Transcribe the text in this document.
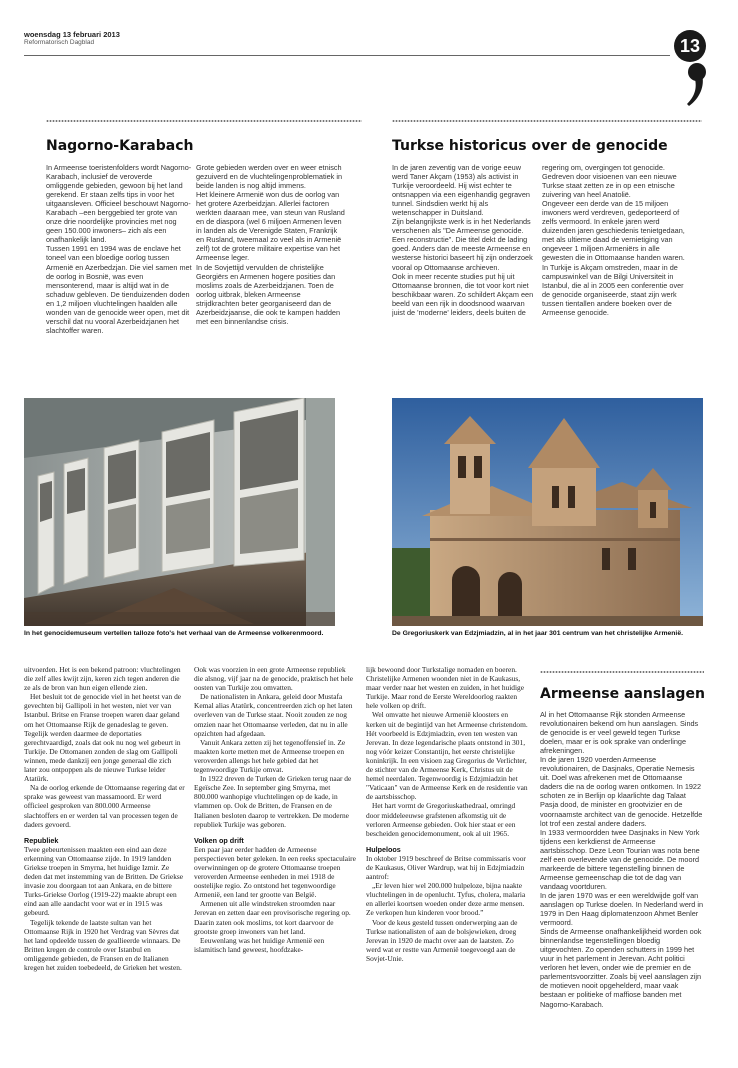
woensdag 13 februari 2013
Reformatorisch Dagblad	13
Nagorno-Karabach

In Armeense toeristenfolders wordt Nagorno-Karabach, inclusief de veroverde omliggende gebieden, gewoon bij het land gerekend. Er staan zelfs tips in voor het uitgaansleven. Officieel beschouwt Nagorno-Karabach –een berggebied ter grote van onze drie noordelijke provincies met nog geen 150.000 inwoners– zich als een onafhankelijk land.

Tussen 1991 en 1994 was de enclave het toneel van een bloedige oorlog tussen Armenië en Azerbedzjan. Die viel samen met de oorlog in Bosnië, was even mensonterend, maar is altijd wat in de schaduw gebleven. De tienduizenden doden en 1,2 miljoen vluchtelingen haalden alle wonden van de genocide weer open, met dit verschil dat nu vooral Azerbeidzjanen het slachtoffer waren.

Grote gebieden werden over en weer etnisch gezuiverd en de vluchtelingenproblematiek in beide landen is nog altijd immens.

Het kleinere Armenië won dus de oorlog van het grotere Azerbeidzjan. Allerlei factoren werkten daaraan mee, van steun van Rusland en de diaspora (wel 6 miljoen Armenen leven in landen als de Verenigde Staten, Frankrijk en Rusland, tweemaal zo veel als in Armenië zelf) tot de grotere militaire expertise van het Armeense leger.

In de Sovjettijd vervulden de christelijke Georgiërs en Armenen hogere posities dan moslims zoals de Azerbeidzjanen. Toen de oorlog uitbrak, bleken Armeense strijdkrachten beter georganiseerd dan de Azerbeidzjaanse, die ook te kampen hadden met een binnenlandse crisis.

Turkse historicus over de genocide

In de jaren zeventig van de vorige eeuw werd Taner Akçam (1953) als activist in Turkije veroordeeld. Hij wist echter te ontsnappen via een eigenhandig gegraven tunnel. Sindsdien werkt hij als wetenschapper in Duitsland.

Zijn belangrijkste werk is in het Nederlands verschenen als "De Armeense genocide. Een reconstructie". Die titel dekt de lading goed. Anders dan de meeste Armeense en westerse historici baseert hij zijn onderzoek vooral op Ottomaanse archieven.

Ook in meer recente studies put hij uit Ottomaanse bronnen, die tot voor kort niet beschikbaar waren. Zo schildert Akçam een beeld van een rijk in doodsnood waarvan juist de 'moderne' leiders, deels buiten de

regering om, overgingen tot genocide. Gedreven door visioenen van een nieuwe Turkse staat zetten ze in op een etnische zuivering van heel Anatolië.

Ongeveer een derde van de 15 miljoen inwoners werd verdreven, gedeporteerd of zelfs vermoord. In enkele jaren werd duizenden jaren geschiedenis tenietgedaan, met als ultieme daad de vernietiging van ongeveer 1 miljoen Armeniërs in alle gewesten die in Ottomaanse handen waren.

In Turkije is Akçam omstreden, maar in de campuswinkel van de Bilgi Universiteit in Istanbul, die al in 2005 een conferentie over de genocide organiseerde, staat zijn werk tussen tientallen andere boeken over de Armeense genocide.

In het genocidemuseum vertellen talloze foto's het verhaal van de Armeense volkerenmoord.	De Gregoriuskerk van Edzjmiadzin, al in het jaar 301 centrum van het christelijke Armenië.

uitvoerden. Het is een bekend patroon: vluchtelingen die zelf alles kwijt zijn, keren zich tegen anderen die ze als de bron van hun eigen ellende zien.

Het besluit tot de genocide viel in het heetst van de gevechten bij Gallipoli in het westen, niet ver van Istanbul. Britse en Franse troepen waren daar geland om het Ottomaanse Rijk de genadeslag te geven. Tegelijk werden daarmee de deportaties gerechtvaardigd, zoals dat ook nu nog wel gebeurt in Turkije. De Ottomanen zonden de slag om Gallipoli winnen, mede dankzij een jonge generaal die zich later zou ontpoppen als de nieuwe Turkse leider Atatürk.

Na de oorlog erkende de Ottomaanse regering dat er sprake was geweest van massamoord. Er werd officieel gesproken van 800.000 Armeense slachtoffers en er werden tal van processen tegen de daders gevoerd.

Republiek

Twee gebeurtenissen maakten een eind aan deze erkenning van Ottomaanse zijde. In 1919 landden Griekse troepen in Smyrna, het huidige Izmir. Ze deden dat met instemming van de Britten. De Griekse invasie zou doorgaan tot aan Ankara, en de bittere Turks-Griekse Oorlog (1919-22) maakte abrupt een eind aan alle aandacht voor wat er in 1915 was gebeurd.

Tegelijk tekende de laatste sultan van het Ottomaanse Rijk in 1920 het Verdrag van Sèvres dat het land opdeelde tussen de geallieerde winnaars. De Britten kregen de controle over Istanbul en omliggende gebieden, de Fransen en de Italianen kregen het zuiden toebedeeld, de Grieken het westen.

Ook was voorzien in een grote Armeense republiek die alsnog, vijf jaar na de genocide, praktisch het hele oosten van Turkije zou omvatten.

De nationalisten in Ankara, geleid door Mustafa Kemal alias Atatürk, concentreerden zich op het laten overleven van de Turkse staat. Nooit zouden ze nog omzien naar het Ottomaanse verleden, dat nu in alle opzichten had afgedaan.

Vanuit Ankara zetten zij het tegenoffensief in. Ze maakten korte metten met de Armeense troepen en veroverden allengs het hele gebied dat het tegenwoordige Turkije omvat.

In 1922 dreven de Turken de Grieken terug naar de Egeïsche Zee. In september ging Smyrna, met 800.000 wanhopige vluchtelingen op de kade, in vlammen op. Ook de Britten, de Fransen en de Italianen besloten daarop te vertrekken. De moderne republiek Turkije was geboren.

Volken op drift

Een paar jaar eerder hadden de Armeense perspectieven beter geleken. In een reeks spectaculaire overwinningen op de grotere Ottomaanse troepen veroverden Armeense eenheden in mei 1918 de oostelijke regio. Zo ontstond het tegenwoordige Armenië, een land ter grootte van België.

Armenen uit alle windstreken stroomden naar Jerevan en zetten daar een provisorische regering op. Daarin zaten ook moslims, tot kort daarvoor de grootste groep inwoners van het land.

Eeuwenlang was het huidige Armenië een islamitisch land geweest, hoofdzake-

lijk bewoond door Turkstalige nomaden en boeren. Christelijke Armenen woonden niet in de Kaukasus, maar verder naar het westen en zuiden, in het huidige Turkije. Maar rond de Eerste Wereldoorlog raakten hele volken op drift.

Wel omvatte het nieuwe Armenië kloosters en kerken uit de begintijd van het Armeense christendom. Hét voorbeeld is Edzjmiadzin, even ten westen van Jerevan. In deze legendarische plaats ontstond in 301, nog vóór keizer Constantijn, het eerste christelijke koninkrijk. In een visioen zag Gregorius de Verlichter, de stichter van de Armeense Kerk, Christus uit de hemel neerdalen. Tegenwoordig is Edzjmiadzin het "Vaticaan" van de Armeense Kerk en de residentie van de aartsbisschop.

Het hart vormt de Gregoriuskathedraal, omringd door middeleeuwse grafstenen afkomstig uit de verloren Armeense gebieden. Ook hier staat er een bescheiden genocidemonument, ook al uit 1965.

Hulpeloos

In oktober 1919 beschreef de Britse commissaris voor de Kaukasus, Oliver Wardrup, wat hij in Edzjmiadzin aantrof:

„Er leven hier wel 200.000 hulpeloze, bijna naakte vluchtelingen in de openlucht. Tyfus, cholera, malaria en allerlei koortsen woeden onder deze arme mensen. Ze verkopen hun kinderen voor brood.”

Voor de keus gesteld tussen onderwerping aan de Turkse nationalisten of aan de bolsjewieken, droeg Jerevan in 1920 de macht over aan de laatsten. Zo werd wat er restte van Armenië toegevoegd aan de Sovjet-Unie.

Armeense aanslagen

Al in het Ottomaanse Rijk stonden Armeense revolutionairen bekend om hun aanslagen. Sinds de genocide is er veel geweld tegen Turkse doelen, maar er is ook sprake van onderlinge afrekeningen.

In de jaren 1920 voerden Armeense revolutionairen, de Dasjnaks, Operatie Nemesis uit. Doel was afrekenen met de Ottomaanse daders die na de oorlog waren ontkomen. In 1922 schoten ze in Berlijn op klaarlichte dag Talaat Pasja dood, de minister en grootvizier en de voornaamste architect van de genocide. Hetzelfde lot trof een zestal andere daders.

In 1933 vermoordden twee Dasjnaks in New York tijdens een kerkdienst de Armeense aartsbisschop. Deze Leon Tourian was nota bene zelf een overlevende van de genocide. De moord markeerde de bittere tegenstelling binnen de Armeense gemeenschap die tot de dag van vandaag voortduren.

In de jaren 1970 was er een wereldwijde golf van aanslagen op Turkse doelen. In Nederland werd in 1979 in Den Haag diplomatenzoon Ahmet Benler vermoord.

Sinds de Armeense onafhankelijkheid worden ook binnenlandse tegenstellingen bloedig uitgevochten. Zo openden schutters in 1999 het vuur in het parlement in Jerevan. Acht politici verloren het leven, onder wie de premier en de parlementsvoorzitter. Zoals bij veel aanslagen zijn de motieven nooit opgehelderd, maar vaak bestaan er politieke of maffiose banden met Nagorno-Karabach.
